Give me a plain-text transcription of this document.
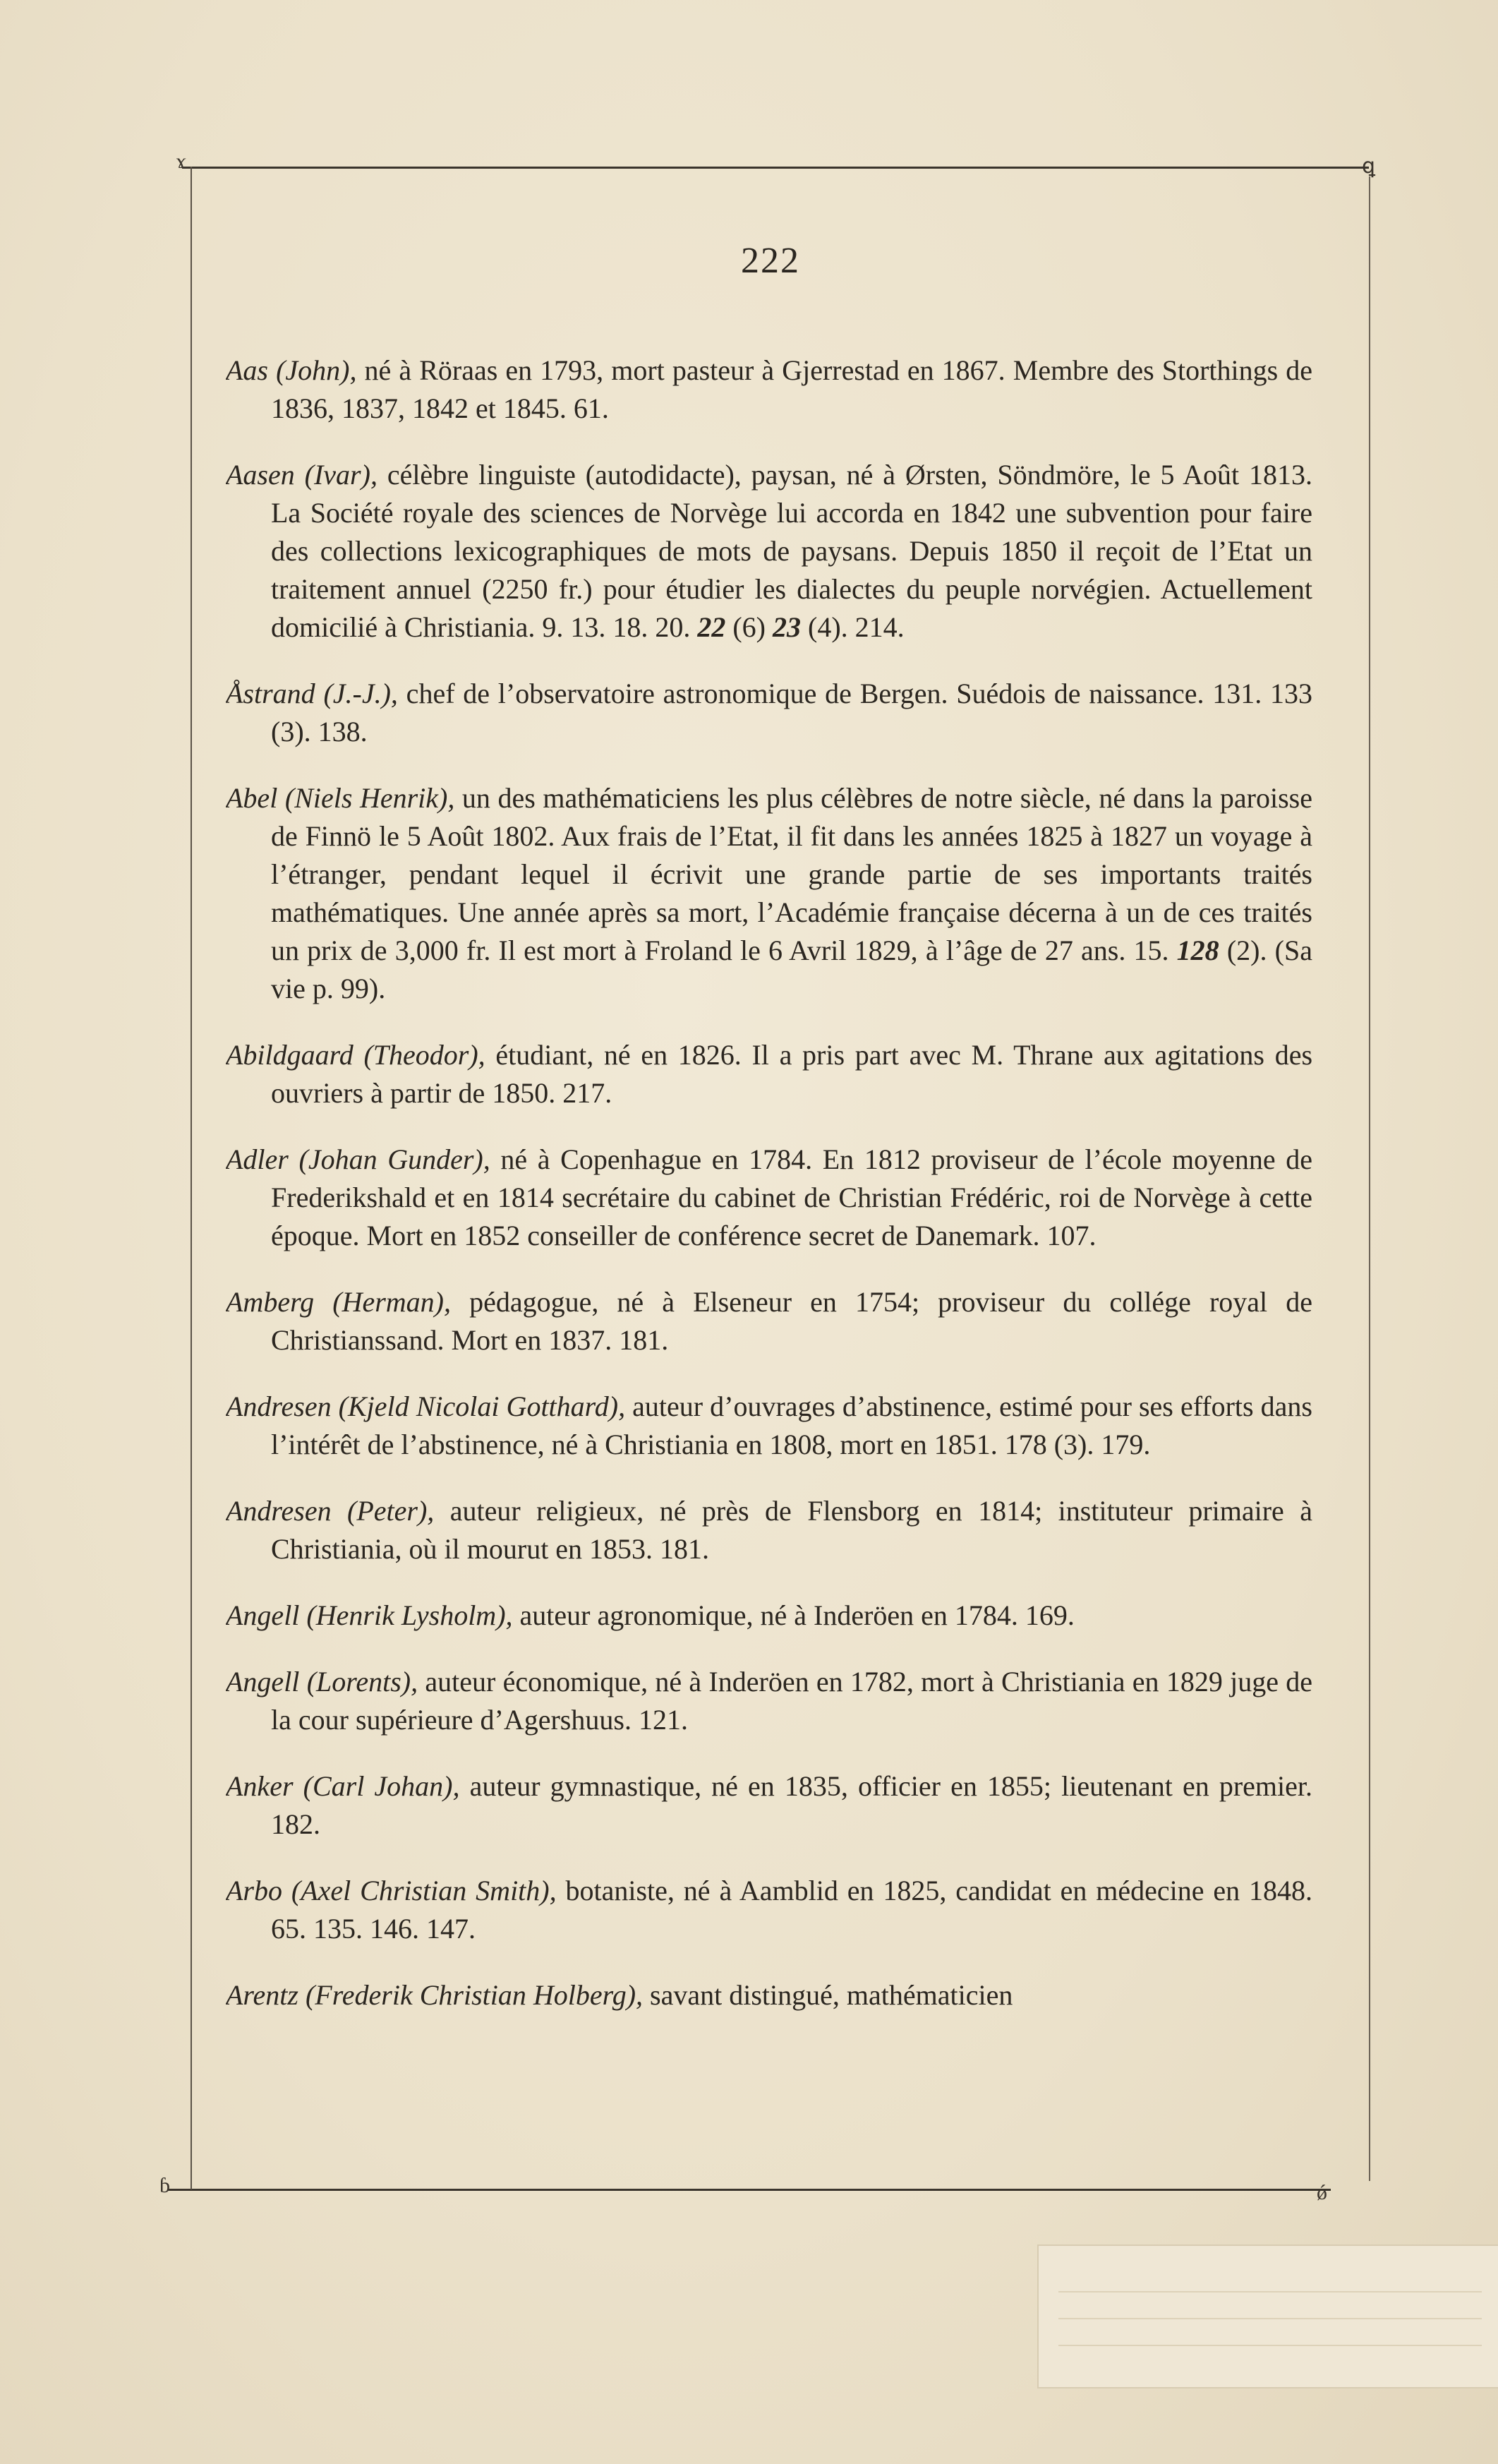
ɤ	ꝗ
ɓ	ǿ
222

Aas (John), né à Röraas en 1793, mort pasteur à Gjerrestad en 1867. Membre des Storthings de 1836, 1837, 1842 et 1845. 61.

Aasen (Ivar), célèbre linguiste (autodidacte), paysan, né à Ørsten, Söndmöre, le 5 Août 1813. La Société royale des sciences de Norvège lui accorda en 1842 une subvention pour faire des collections lexicographiques de mots de paysans. Depuis 1850 il reçoit de l’Etat un traitement annuel (2250 fr.) pour étudier les dialectes du peuple norvégien. Actuellement domicilié à Christiania. 9. 13. 18. 20. 22 (6) 23 (4). 214.

Åstrand (J.-J.), chef de l’observatoire astronomique de Bergen. Suédois de naissance. 131. 133 (3). 138.

Abel (Niels Henrik), un des mathématiciens les plus célèbres de notre siècle, né dans la paroisse de Finnö le 5 Août 1802. Aux frais de l’Etat, il fit dans les années 1825 à 1827 un voyage à l’étranger, pendant lequel il écrivit une grande partie de ses importants traités mathématiques. Une année après sa mort, l’Académie française décerna à un de ces traités un prix de 3,000 fr. Il est mort à Froland le 6 Avril 1829, à l’âge de 27 ans. 15. 128 (2). (Sa vie p. 99).

Abildgaard (Theodor), étudiant, né en 1826. Il a pris part avec M. Thrane aux agitations des ouvriers à partir de 1850. 217.

Adler (Johan Gunder), né à Copenhague en 1784. En 1812 proviseur de l’école moyenne de Frederikshald et en 1814 secrétaire du cabinet de Christian Frédéric, roi de Norvège à cette époque. Mort en 1852 conseiller de conférence secret de Danemark. 107.

Amberg (Herman), pédagogue, né à Elseneur en 1754; proviseur du collége royal de Christianssand. Mort en 1837. 181.

Andresen (Kjeld Nicolai Gotthard), auteur d’ouvrages d’abstinence, estimé pour ses efforts dans l’intérêt de l’abstinence, né à Christiania en 1808, mort en 1851. 178 (3). 179.

Andresen (Peter), auteur religieux, né près de Flensborg en 1814; instituteur primaire à Christiania, où il mourut en 1853. 181.

Angell (Henrik Lysholm), auteur agronomique, né à Inderöen en 1784. 169.

Angell (Lorents), auteur économique, né à Inderöen en 1782, mort à Christiania en 1829 juge de la cour supérieure d’Agershuus. 121.

Anker (Carl Johan), auteur gymnastique, né en 1835, officier en 1855; lieutenant en premier. 182.

Arbo (Axel Christian Smith), botaniste, né à Aamblid en 1825, candidat en médecine en 1848. 65. 135. 146. 147.

Arentz (Frederik Christian Holberg), savant distingué, mathématicien
